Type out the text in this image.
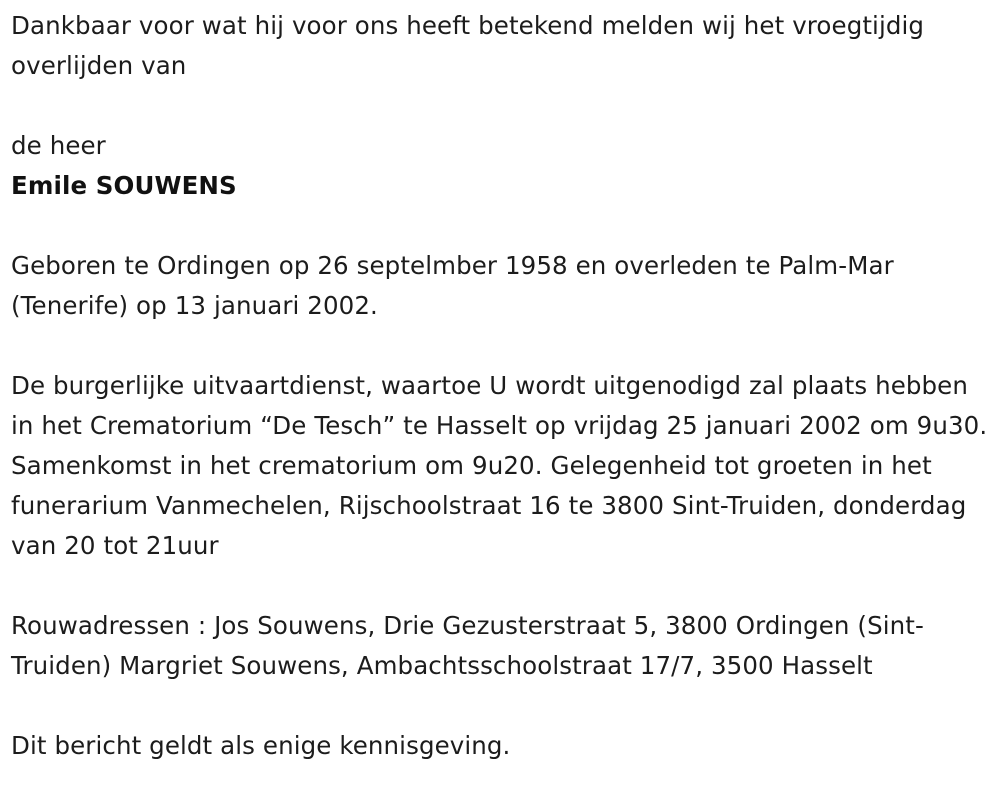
Dankbaar voor wat hij voor ons heeft betekend melden wij het vroegtijdig overlijden van

de heer

Emile SOUWENS

Geboren te Ordingen op 26 septelmber 1958 en overleden te Palm-Mar (Tenerife) op 13 januari 2002.

De burgerlijke uitvaartdienst, waartoe U wordt uitgenodigd zal plaats hebben in het Crematorium “De Tesch” te Hasselt op vrijdag 25 januari 2002 om 9u30. Samenkomst in het crematorium om 9u20. Gelegenheid tot groeten in het funerarium Vanmechelen, Rijschoolstraat 16 te 3800 Sint-Truiden, donderdag van 20 tot 21uur

Rouwadressen : Jos Souwens, Drie Gezusterstraat 5, 3800 Ordingen (Sint-Truiden) Margriet Souwens, Ambachtsschoolstraat 17/7, 3500 Hasselt

Dit bericht geldt als enige kennisgeving.
